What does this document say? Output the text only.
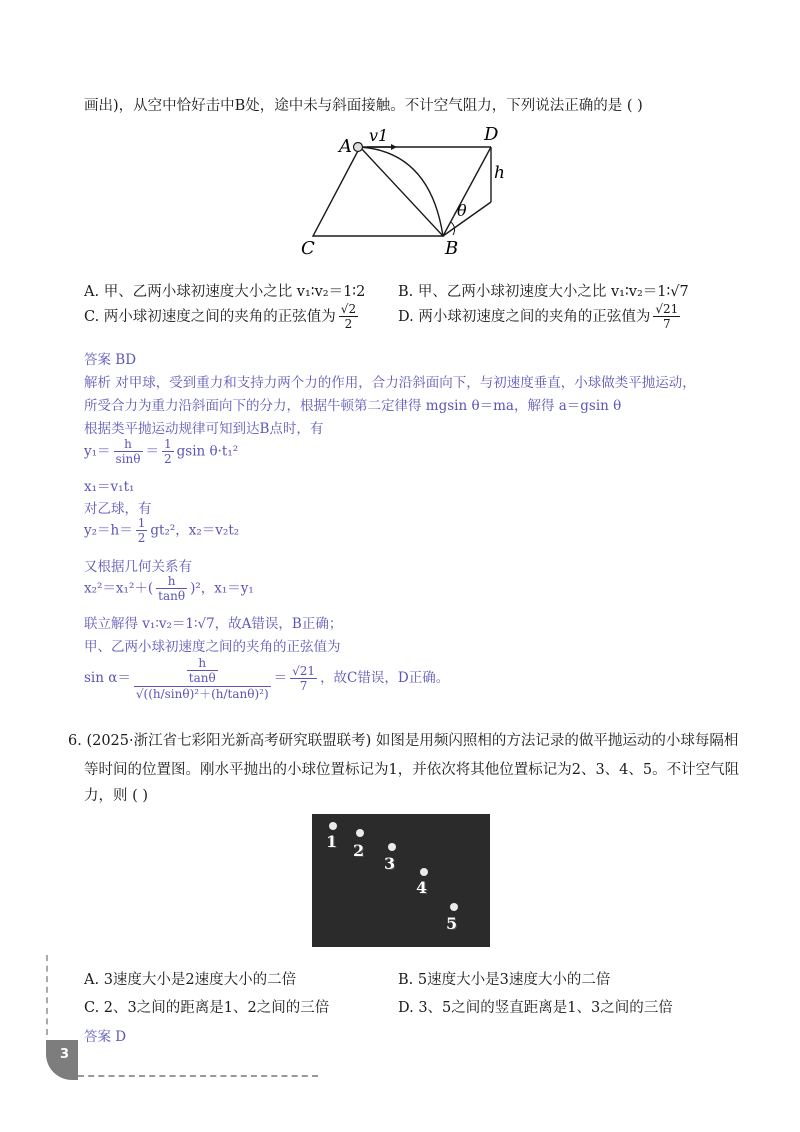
画出)，从空中恰好击中B处，途中未与斜面接触。不计空气阻力，下列说法正确的是 ( )
A
v1	D
h
θ
B
C
A. 甲、乙两小球初速度大小之比 v₁∶v₂＝1∶2 B. 甲、乙两小球初速度大小之比 v₁∶v₂＝1∶√7
C. 两小球初速度之间的夹角的正弦值为 $\frac{√2}{2}$	D. 两小球初速度之间的夹角的正弦值为 $\frac{√21}{7}$
答案 BD
解析 对甲球，受到重力和支持力两个力的作用，合力沿斜面向下，与初速度垂直，小球做类平抛运动，
所受合力为重力沿斜面向下的分力，根据牛顿第二定律得 mgsin θ＝ma，解得 a＝gsin θ
根据类平抛运动规律可知到达B点时，有
$y_1= \frac{h}{\sin\theta} = \frac{1}{2}$ gsin θ·t₁²
x₁＝v₁t₁
对乙球，有
$y_2=h= \frac{1}{2} gt_2^2$，x₂＝v₂t₂
又根据几何关系有
$x_2^2=x_1^2+( \frac{h}{\tan\theta} )^2$，x₁＝y₁
联立解得 v₁∶v₂＝1∶√7，故A错误，B正确；
甲、乙两小球初速度之间的夹角的正弦值为
$\sin \alpha= \frac{\frac{h}{\tan\theta}}{\text{√((h/sinθ)²＋(h/tanθ)²)}} = \frac{√21}{7}$ ，故C错误，D正确。
6. (2025·浙江省七彩阳光新高考研究联盟联考) 如图是用频闪照相的方法记录的做平抛运动的小球每隔相
等时间的位置图。刚水平抛出的小球位置标记为1，并依次将其他位置标记为2、3、4、5。不计空气阻
力，则 ( )
1 2
3
4
5
A. 3速度大小是2速度大小的二倍	B. 5速度大小是3速度大小的二倍
C. 2、3之间的距离是1、2之间的三倍	D. 3、5之间的竖直距离是1、3之间的三倍
答案 D
3
